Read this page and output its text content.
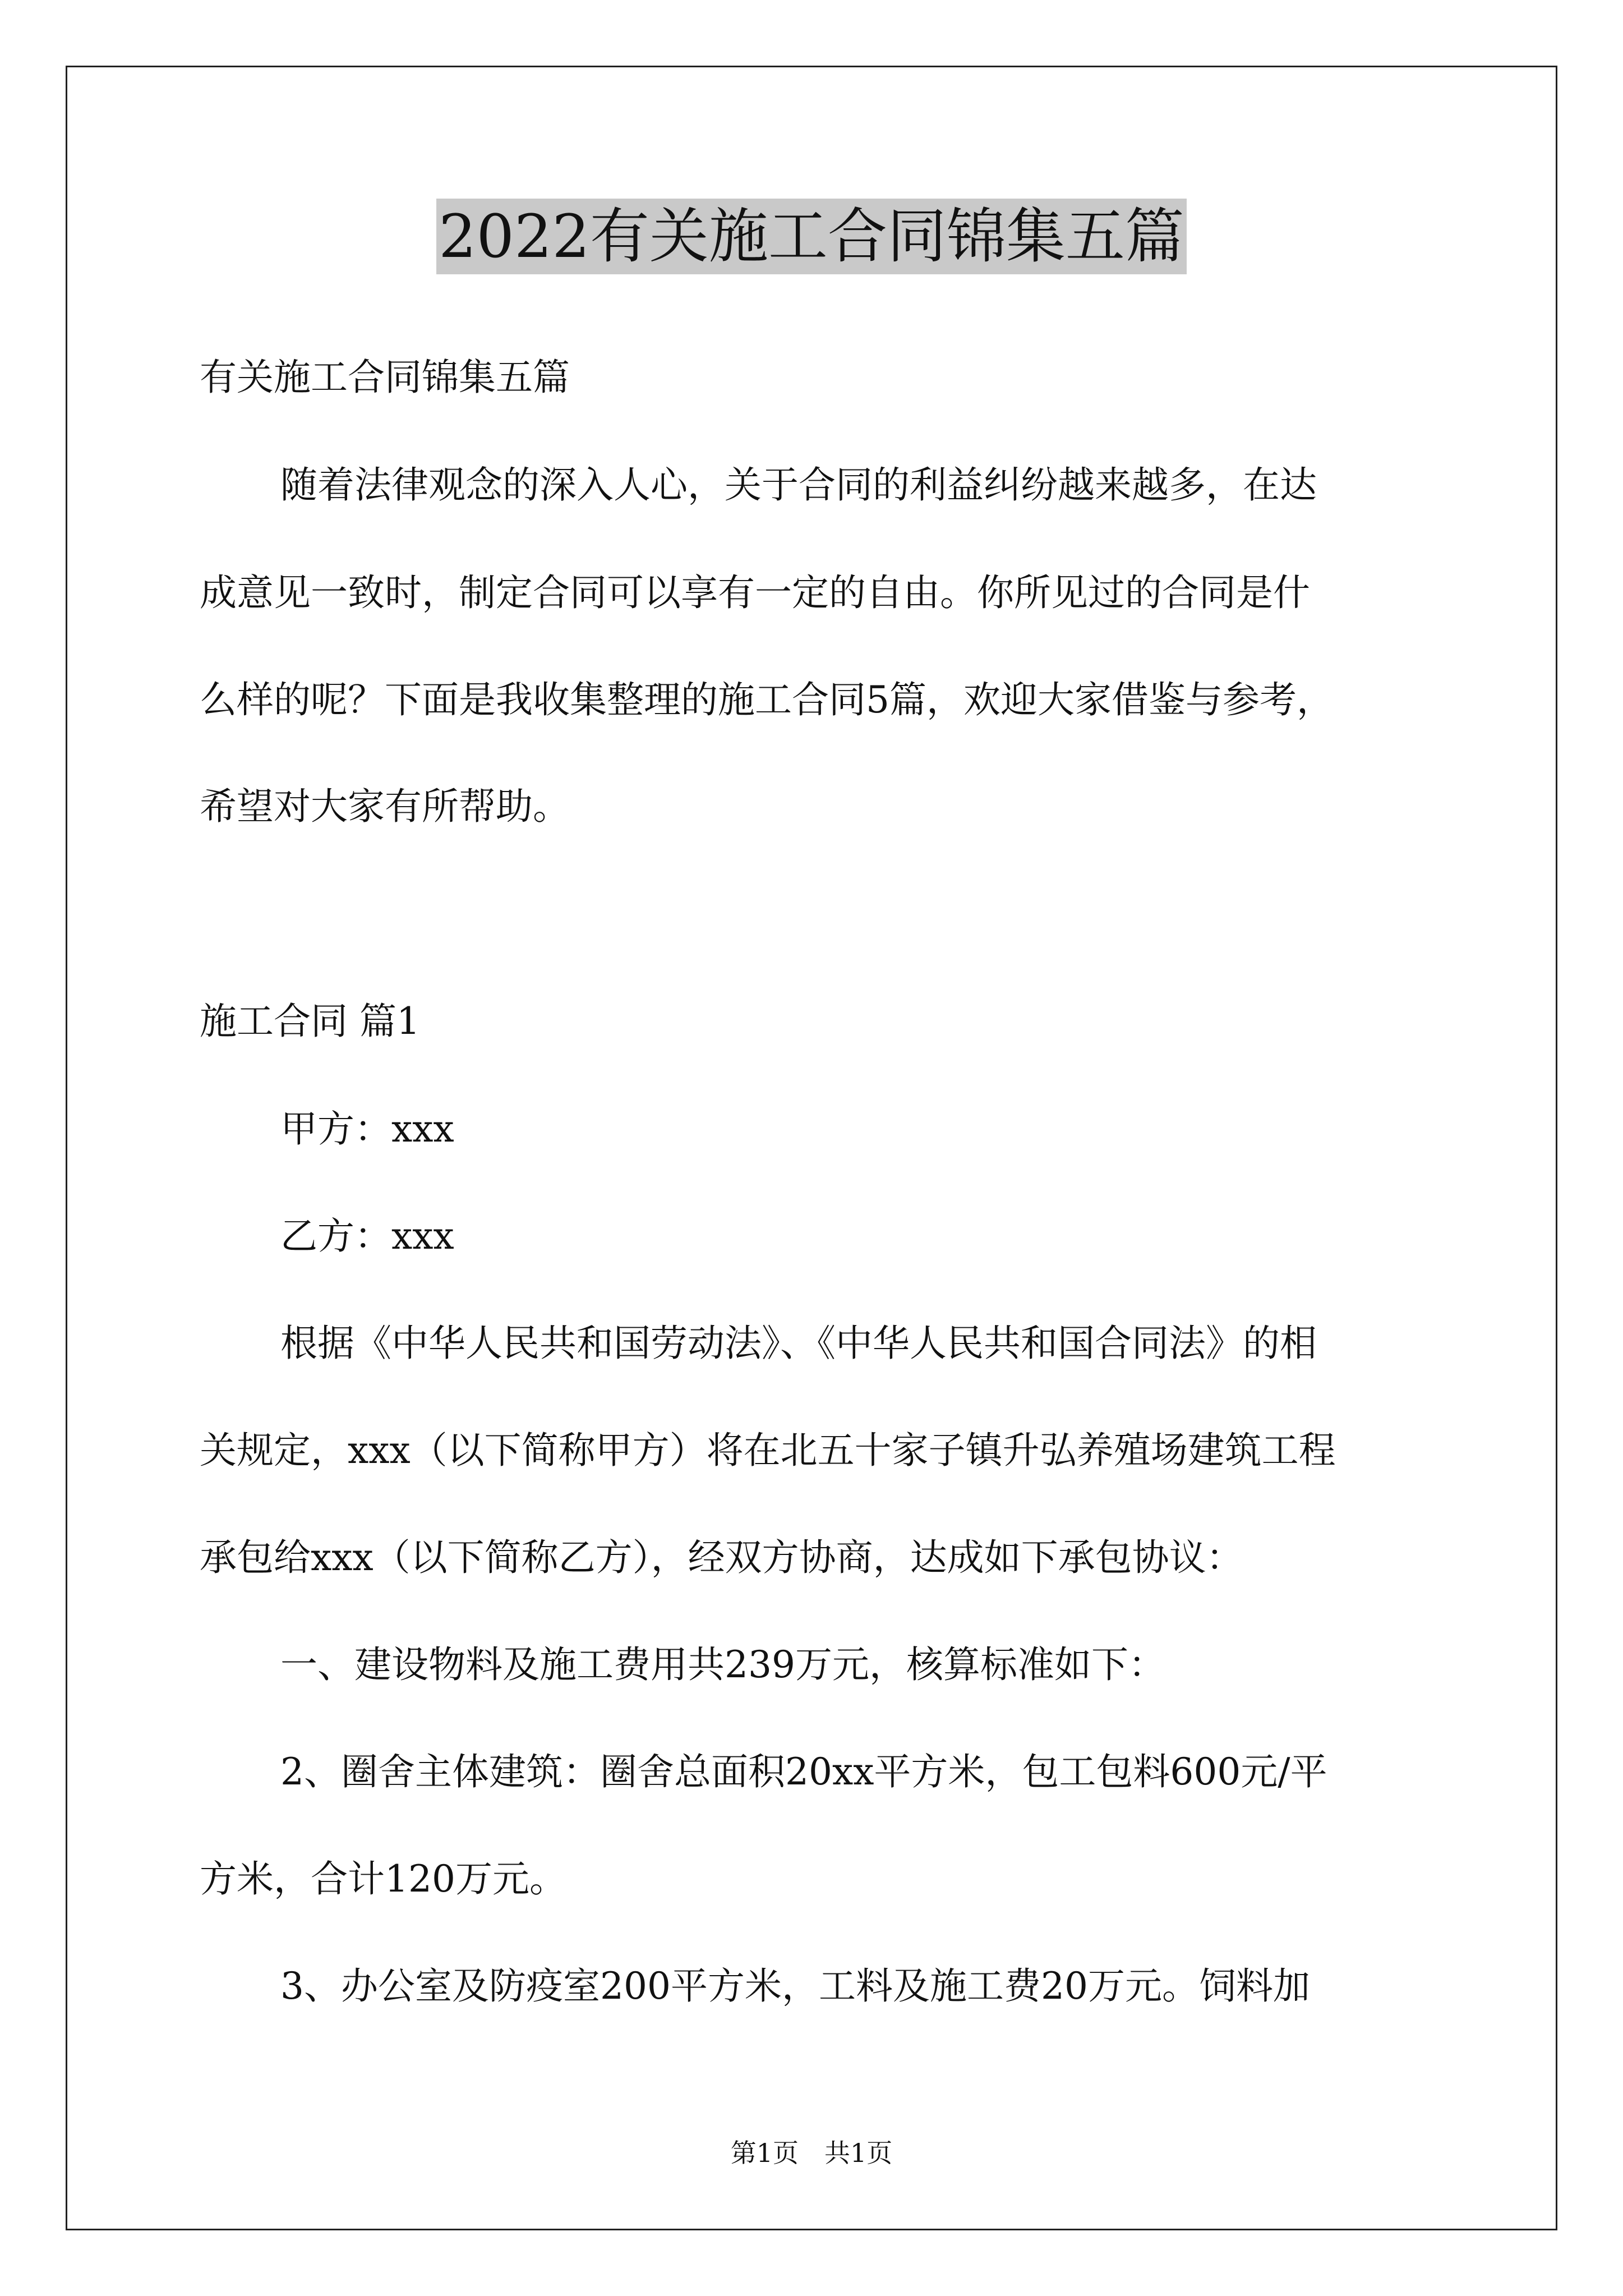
2022有关施工合同锦集五篇

有关施工合同锦集五篇

随着法律观念的深入人心，关于合同的利益纠纷越来越多，在达

成意见一致时，制定合同可以享有一定的自由。你所见过的合同是什

么样的呢？下面是我收集整理的施工合同5篇，欢迎大家借鉴与参考，

希望对大家有所帮助。

施工合同 篇1

甲方：xxx

乙方：xxx

根据《中华人民共和国劳动法》、《中华人民共和国合同法》的相

关规定，xxx（以下简称甲方）将在北五十家子镇升弘养殖场建筑工程

承包给xxx（以下简称乙方），经双方协商，达成如下承包协议：

一、建设物料及施工费用共239万元，核算标准如下：

2、圈舍主体建筑：圈舍总面积20xx平方米，包工包料600元/平

方米，合计120万元。

3、办公室及防疫室200平方米，工料及施工费20万元。饲料加

第1页　共1页
